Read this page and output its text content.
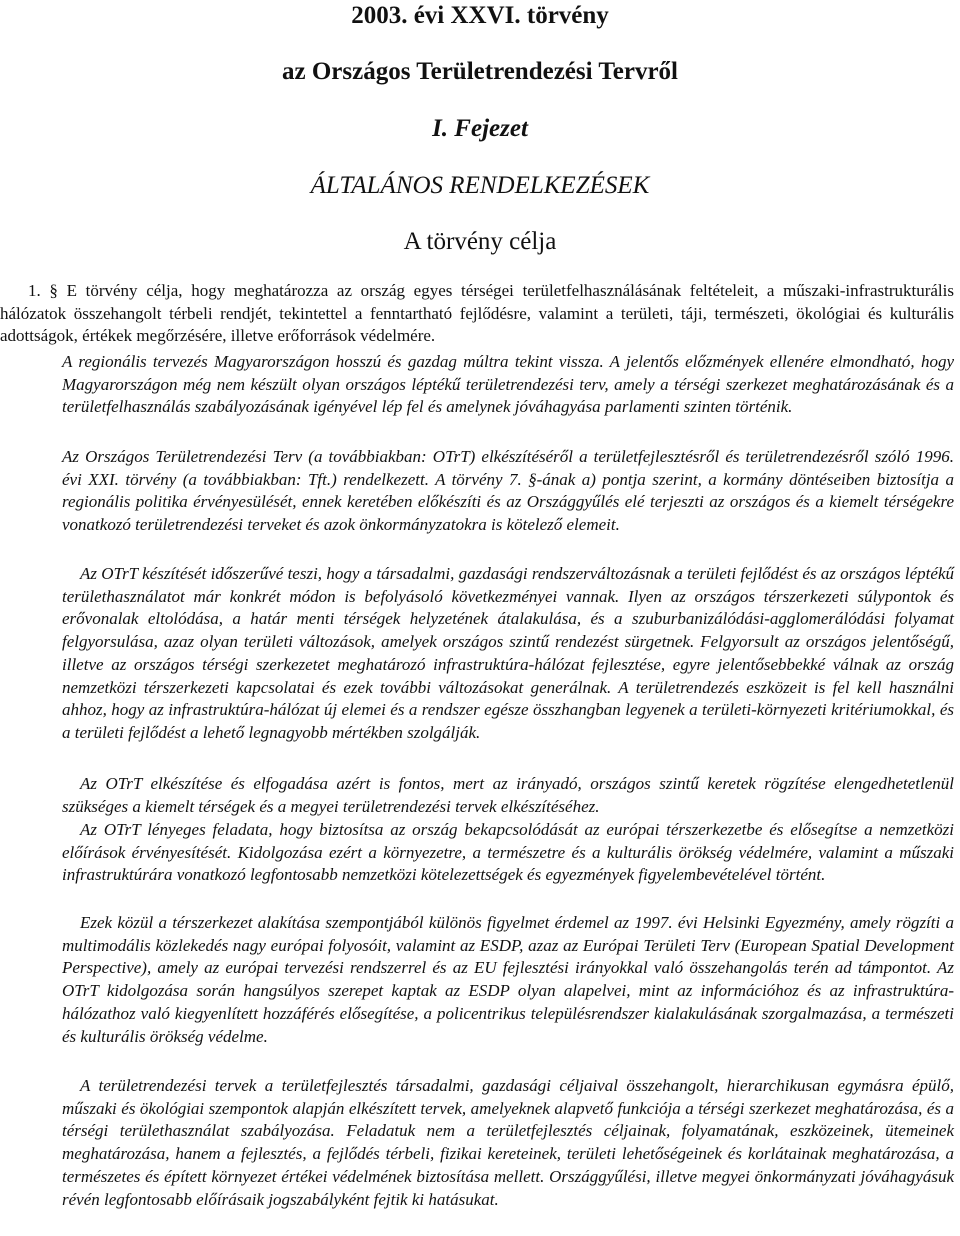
2003. évi XXVI. törvény
az Országos Területrendezési Tervről
I. Fejezet
ÁLTALÁNOS RENDELKEZÉSEK
A törvény célja

1. § E törvény célja, hogy meghatározza az ország egyes térségei területfelhasználásának feltételeit, a műszaki-infrastrukturális hálózatok összehangolt térbeli rendjét, tekintettel a fenntartható fejlődésre, valamint a területi, táji, természeti, ökológiai és kulturális adottságok, értékek megőrzésére, illetve erőforrások védelmére.

A regionális tervezés Magyarországon hosszú és gazdag múltra tekint vissza. A jelentős előzmények ellenére elmondható, hogy Magyarországon még nem készült olyan országos léptékű területrendezési terv, amely a térségi szerkezet meghatározásának és a területfelhasználás szabályozásának igényével lép fel és amelynek jóváhagyása parlamenti szinten történik.

Az Országos Területrendezési Terv (a továbbiakban: OTrT) elkészítéséről a területfejlesztésről és területrendezésről szóló 1996. évi XXI. törvény (a továbbiakban: Tft.) rendelkezett. A törvény 7. §-ának a) pontja szerint, a kormány döntéseiben biztosítja a regionális politika érvényesülését, ennek keretében előkészíti és az Országgyűlés elé terjeszti az országos és a kiemelt térségekre vonatkozó területrendezési terveket és azok önkormányzatokra is kötelező elemeit.

Az OTrT készítését időszerűvé teszi, hogy a társadalmi, gazdasági rendszerváltozásnak a területi fejlődést és az országos léptékű területhasználatot már konkrét módon is befolyásoló következményei vannak. Ilyen az országos térszerkezeti súlypontok és erővonalak eltolódása, a határ menti térségek helyzetének átalakulása, és a szuburbanizálódási-agglomerálódási folyamat felgyorsulása, azaz olyan területi változások, amelyek országos szintű rendezést sürgetnek. Felgyorsult az országos jelentőségű, illetve az országos térségi szerkezetet meghatározó infrastruktúra-hálózat fejlesztése, egyre jelentősebbekké válnak az ország nemzetközi térszerkezeti kapcsolatai és ezek további változásokat generálnak. A területrendezés eszközeit is fel kell használni ahhoz, hogy az infrastruktúra-hálózat új elemei és a rendszer egésze összhangban legyenek a területi-környezeti kritériumokkal, és a területi fejlődést a lehető legnagyobb mértékben szolgálják.

Az OTrT elkészítése és elfogadása azért is fontos, mert az irányadó, országos szintű keretek rögzítése elengedhetetlenül szükséges a kiemelt térségek és a megyei területrendezési tervek elkészítéséhez.

Az OTrT lényeges feladata, hogy biztosítsa az ország bekapcsolódását az európai térszerkezetbe és elősegítse a nemzetközi előírások érvényesítését. Kidolgozása ezért a környezetre, a természetre és a kulturális örökség védelmére, valamint a műszaki infrastruktúrára vonatkozó legfontosabb nemzetközi kötelezettségek és egyezmények figyelembevételével történt.

Ezek közül a térszerkezet alakítása szempontjából különös figyelmet érdemel az 1997. évi Helsinki Egyezmény, amely rögzíti a multimodális közlekedés nagy európai folyosóit, valamint az ESDP, azaz az Európai Területi Terv (European Spatial Development Perspective), amely az európai tervezési rendszerrel és az EU fejlesztési irányokkal való összehangolás terén ad támpontot. Az OTrT kidolgozása során hangsúlyos szerepet kaptak az ESDP olyan alapelvei, mint az információhoz és az infrastruktúra-hálózathoz való kiegyenlített hozzáférés elősegítése, a policentrikus településrendszer kialakulásának szorgalmazása, a természeti és kulturális örökség védelme.

A területrendezési tervek a területfejlesztés társadalmi, gazdasági céljaival összehangolt, hierarchikusan egymásra épülő, műszaki és ökológiai szempontok alapján elkészített tervek, amelyeknek alapvető funkciója a térségi szerkezet meghatározása, és a térségi területhasználat szabályozása. Feladatuk nem a területfejlesztés céljainak, folyamatának, eszközeinek, ütemeinek meghatározása, hanem a fejlesztés, a fejlődés térbeli, fizikai kereteinek, területi lehetőségeinek és korlátainak meghatározása, a természetes és épített környezet értékei védelmének biztosítása mellett. Országgyűlési, illetve megyei önkormányzati jóváhagyásuk révén legfontosabb előírásaik jogszabályként fejtik ki hatásukat.
